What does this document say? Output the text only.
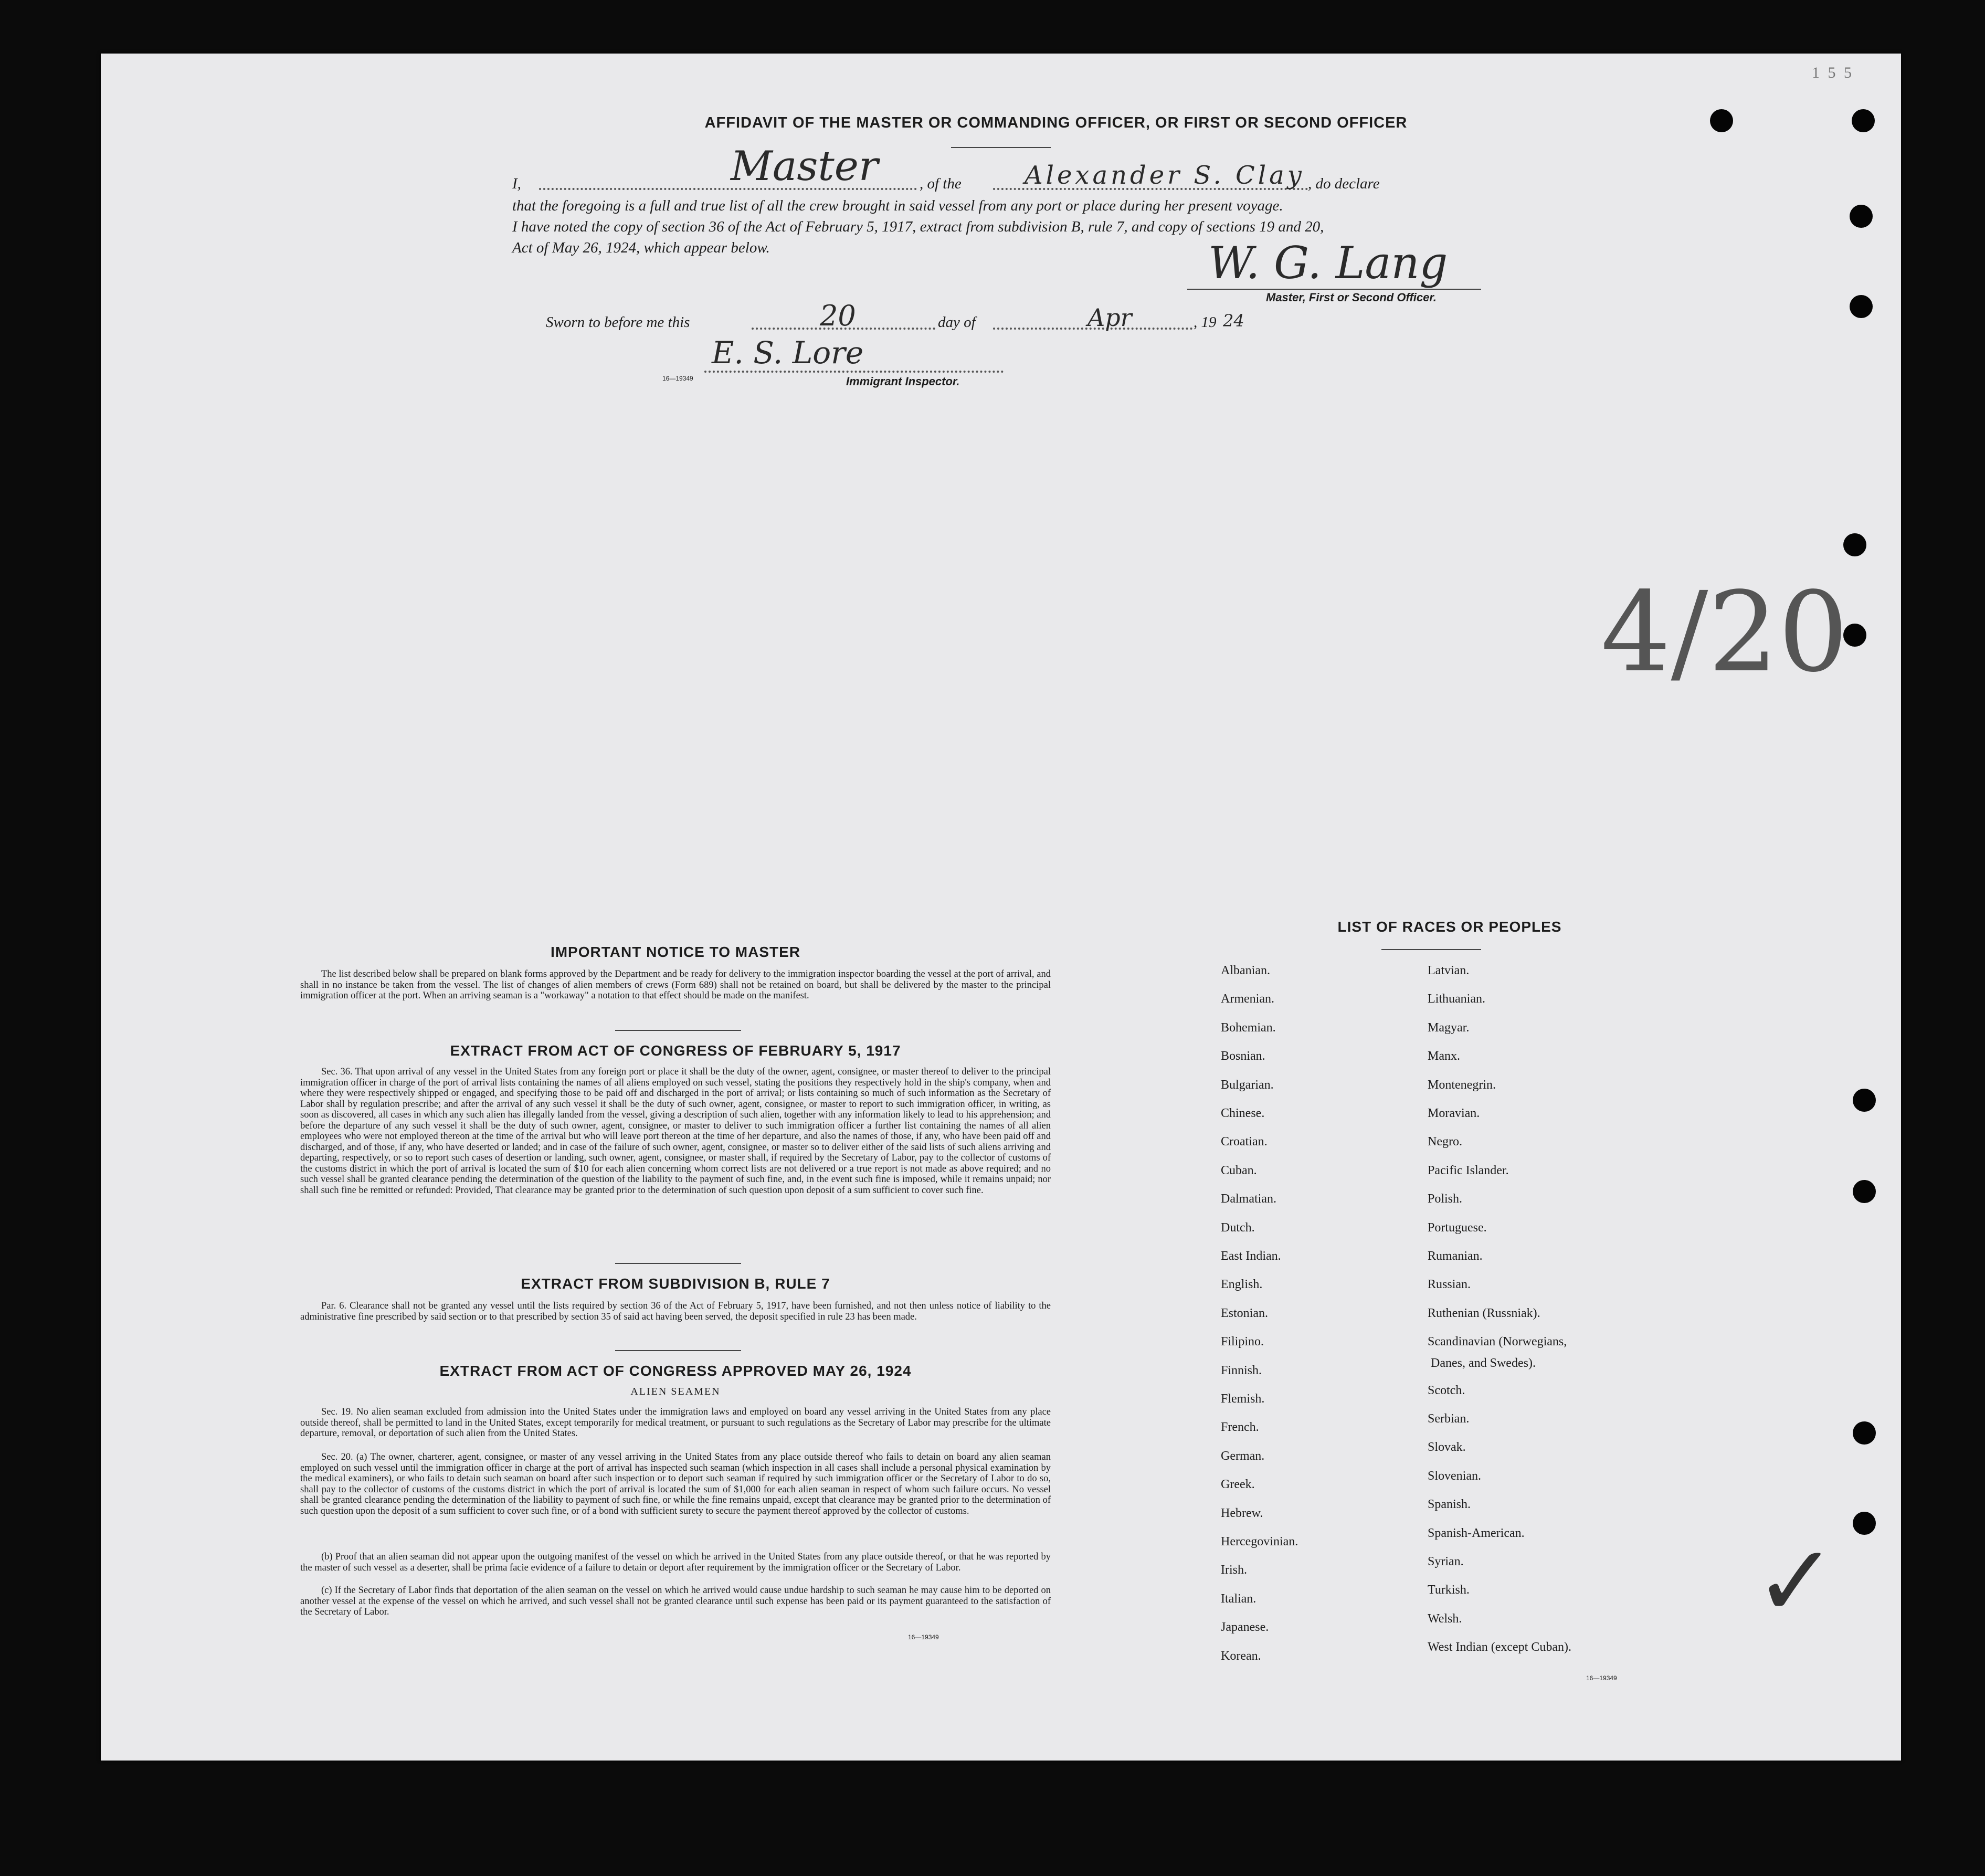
1 5 5
AFFIDAVIT OF THE MASTER OR COMMANDING OFFICER, OR FIRST OR SECOND OFFICER
I,	Master	, of the	Alexander S. Clay , do declare
that the foregoing is a full and true list of all the crew brought in said vessel from any port or place during her present voyage.
I have noted the copy of section 36 of the Act of February 5, 1917, extract from subdivision B, rule 7, and copy of sections 19 and 20,
Act of May 26, 1924, which appear below.	W. G. Lang
Master, First or Second Officer.
Sworn to before me this	20	day of	Apr	, 19 24
16—19349
E. S. Lore
Immigrant Inspector.
4/20
✓
IMPORTANT NOTICE TO MASTER

The list described below shall be prepared on blank forms approved by the Department and be ready for delivery to the immigration inspector boarding the vessel at the port of arrival, and shall in no instance be taken from the vessel. The list of changes of alien members of crews (Form 689) shall not be retained on board, but shall be delivered by the master to the principal immigration officer at the port. When an arriving seaman is a "workaway" a notation to that effect should be made on the manifest.

EXTRACT FROM ACT OF CONGRESS OF FEBRUARY 5, 1917

Sec. 36. That upon arrival of any vessel in the United States from any foreign port or place it shall be the duty of the owner, agent, consignee, or master thereof to deliver to the principal immigration officer in charge of the port of arrival lists containing the names of all aliens employed on such vessel, stating the positions they respectively hold in the ship's company, when and where they were respectively shipped or engaged, and specifying those to be paid off and discharged in the port of arrival; or lists containing so much of such information as the Secretary of Labor shall by regulation prescribe; and after the arrival of any such vessel it shall be the duty of such owner, agent, consignee, or master to report to such immigration officer, in writing, as soon as discovered, all cases in which any such alien has illegally landed from the vessel, giving a description of such alien, together with any information likely to lead to his apprehension; and before the departure of any such vessel it shall be the duty of such owner, agent, consignee, or master to deliver to such immigration officer a further list containing the names of all alien employees who were not employed thereon at the time of the arrival but who will leave port thereon at the time of her departure, and also the names of those, if any, who have been paid off and discharged, and of those, if any, who have deserted or landed; and in case of the failure of such owner, agent, consignee, or master so to deliver either of the said lists of such aliens arriving and departing, respectively, or so to report such cases of desertion or landing, such owner, agent, consignee, or master shall, if required by the Secretary of Labor, pay to the collector of customs of the customs district in which the port of arrival is located the sum of $10 for each alien concerning whom correct lists are not delivered or a true report is not made as above required; and no such vessel shall be granted clearance pending the determination of the question of the liability to the payment of such fine, and, in the event such fine is imposed, while it remains unpaid; nor shall such fine be remitted or refunded: Provided, That clearance may be granted prior to the determination of such question upon deposit of a sum sufficient to cover such fine.

EXTRACT FROM SUBDIVISION B, RULE 7

Par. 6. Clearance shall not be granted any vessel until the lists required by section 36 of the Act of February 5, 1917, have been furnished, and not then unless notice of liability to the administrative fine prescribed by said section or to that prescribed by section 35 of said act having been served, the deposit specified in rule 23 has been made.

EXTRACT FROM ACT OF CONGRESS APPROVED MAY 26, 1924
ALIEN SEAMEN

Sec. 19. No alien seaman excluded from admission into the United States under the immigration laws and employed on board any vessel arriving in the United States from any place outside thereof, shall be permitted to land in the United States, except temporarily for medical treatment, or pursuant to such regulations as the Secretary of Labor may prescribe for the ultimate departure, removal, or deportation of such alien from the United States.

Sec. 20. (a) The owner, charterer, agent, consignee, or master of any vessel arriving in the United States from any place outside thereof who fails to detain on board any alien seaman employed on such vessel until the immigration officer in charge at the port of arrival has inspected such seaman (which inspection in all cases shall include a personal physical examination by the medical examiners), or who fails to detain such seaman on board after such inspection or to deport such seaman if required by such immigration officer or the Secretary of Labor to do so, shall pay to the collector of customs of the customs district in which the port of arrival is located the sum of $1,000 for each alien seaman in respect of whom such failure occurs. No vessel shall be granted clearance pending the determination of the liability to payment of such fine, or while the fine remains unpaid, except that clearance may be granted prior to the determination of such question upon the deposit of a sum sufficient to cover such fine, or of a bond with sufficient surety to secure the payment thereof approved by the collector of customs.

(b) Proof that an alien seaman did not appear upon the outgoing manifest of the vessel on which he arrived in the United States from any place outside thereof, or that he was reported by the master of such vessel as a deserter, shall be prima facie evidence of a failure to detain or deport after requirement by the immigration officer or the Secretary of Labor.

(c) If the Secretary of Labor finds that deportation of the alien seaman on the vessel on which he arrived would cause undue hardship to such seaman he may cause him to be deported on another vessel at the expense of the vessel on which he arrived, and such vessel shall not be granted clearance until such expense has been paid or its payment guaranteed to the satisfaction of the Secretary of Labor.

16—19349
LIST OF RACES OR PEOPLES
Danes, and Swedes).
16—19349
Albanian.
Armenian.
Bohemian.
Bosnian.
Bulgarian.
Chinese.
Croatian.
Cuban.
Dalmatian.
Dutch.
East Indian.
English.
Estonian.
Filipino.
Finnish.
Flemish.
French.
German.
Greek.
Hebrew.
Hercegovinian.
Irish.
Italian.
Japanese.
Korean.
Latvian.
Lithuanian.
Magyar.
Manx.
Montenegrin.
Moravian.
Negro.
Pacific Islander.
Polish.
Portuguese.
Rumanian.
Russian.
Ruthenian (Russniak).
Scandinavian (Norwegians,
Scotch.
Serbian.
Slovak.
Slovenian.
Spanish.
Spanish-American.
Syrian.
Turkish.
Welsh.
West Indian (except Cuban).
